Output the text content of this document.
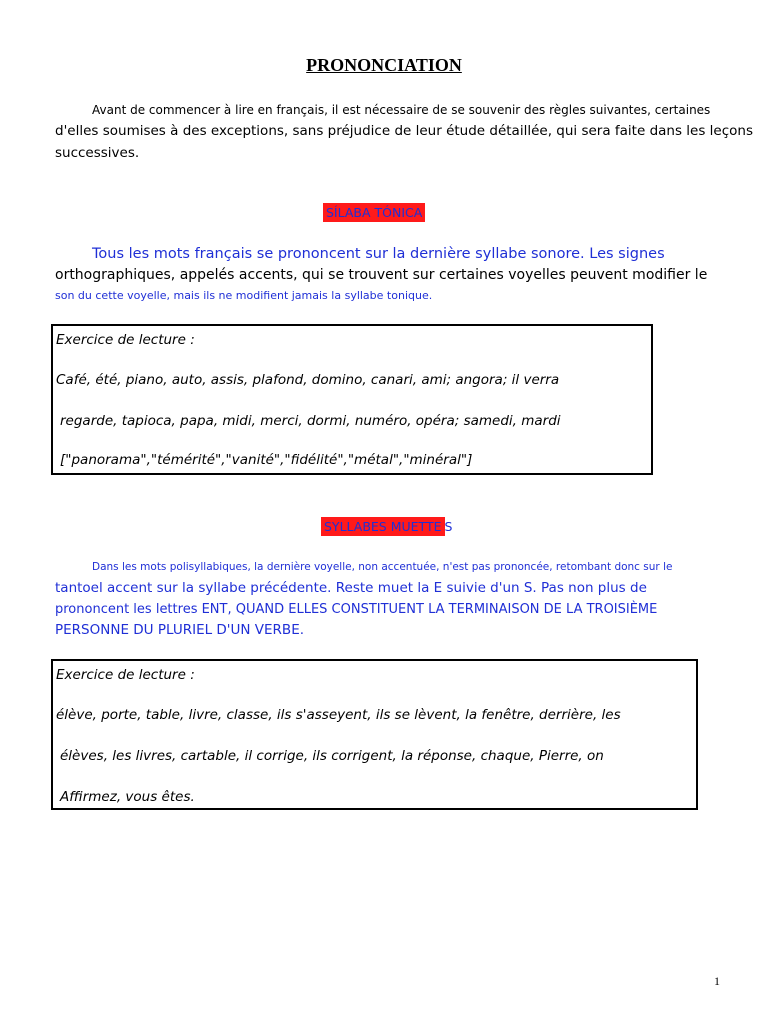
PRONONCIATION
Avant de commencer à lire en français, il est nécessaire de se souvenir des règles suivantes, certaines
d'elles soumises à des exceptions, sans préjudice de leur étude détaillée, qui sera faite dans les leçons
successives.
SÍLABA TÓNICA
Tous les mots français se prononcent sur la dernière syllabe sonore. Les signes
orthographiques, appelés accents, qui se trouvent sur certaines voyelles peuvent modifier le
son du cette voyelle, mais ils ne modifient jamais la syllabe tonique.
Exercice de lecture :
Café, été, piano, auto, assis, plafond, domino, canari, ami; angora; il verra
regarde, tapioca, papa, midi, merci, dormi, numéro, opéra; samedi, mardi
["panorama","témérité","vanité","fidélité","métal","minéral"]
SYLLABES MUETTE S
Dans les mots polisyllabiques, la dernière voyelle, non accentuée, n'est pas prononcée, retombant donc sur le
tantoel accent sur la syllabe précédente. Reste muet la E suivie d'un S. Pas non plus de
prononcent les lettres ENT, QUAND ELLES CONSTITUENT LA TERMINAISON DE LA TROISIÈME
PERSONNE DU PLURIEL D'UN VERBE.
Exercice de lecture :
élève, porte, table, livre, classe, ils s'asseyent, ils se lèvent, la fenêtre, derrière, les
élèves, les livres, cartable, il corrige, ils corrigent, la réponse, chaque, Pierre, on
Affirmez, vous êtes.
1
